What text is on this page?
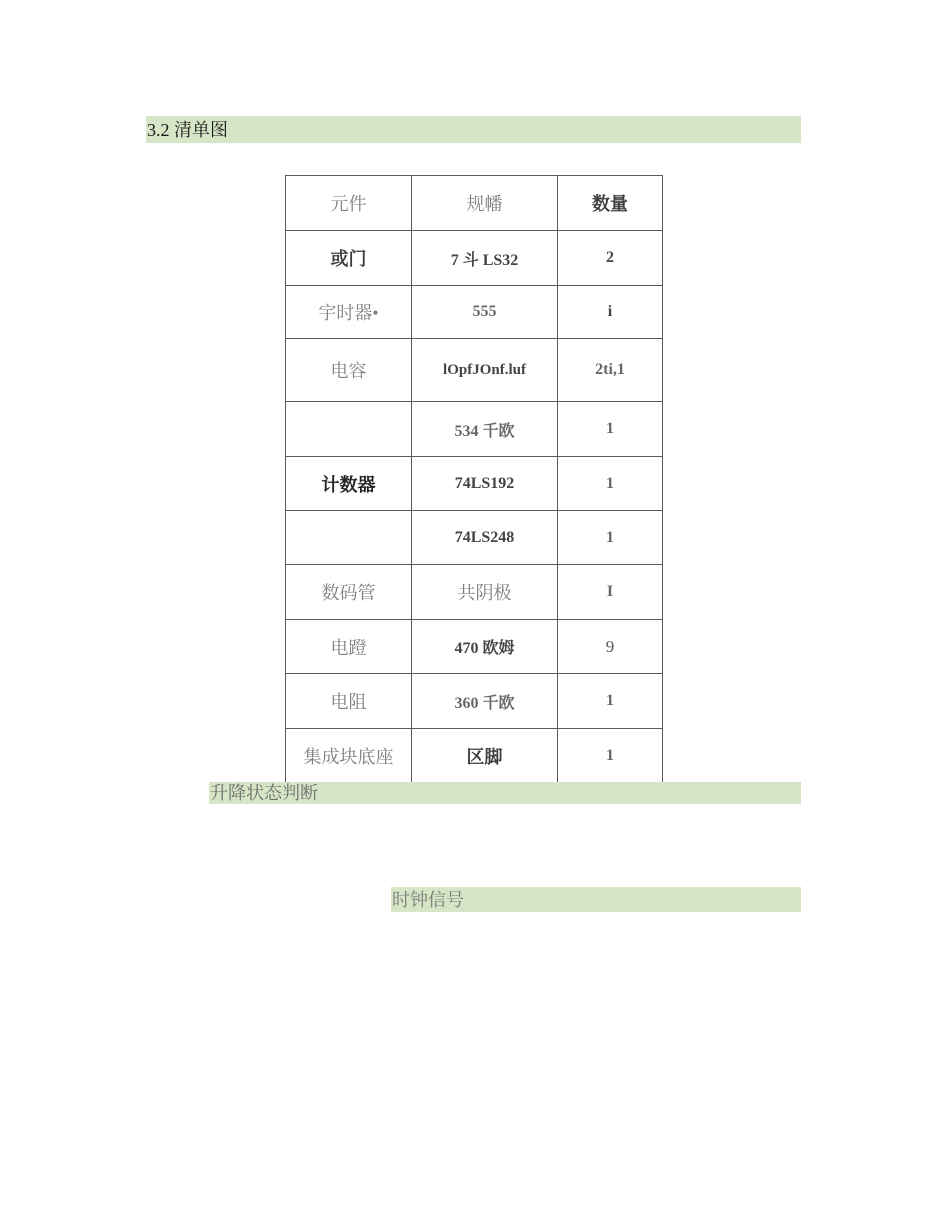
3.2 清单图
元件	规幡	数量
或门	7 斗 LS32	2
宇时器•	555	i
电容	lOpfJOnf.luf	2ti,1
	534 千欧	1
计数器	74LS192	1
	74LS248	1
数码管	共阴极	I
电蹬	470 欧姆	9
电阻	360 千欧	1
集成块底座	区脚	1
升降状态判断
时钟信号
